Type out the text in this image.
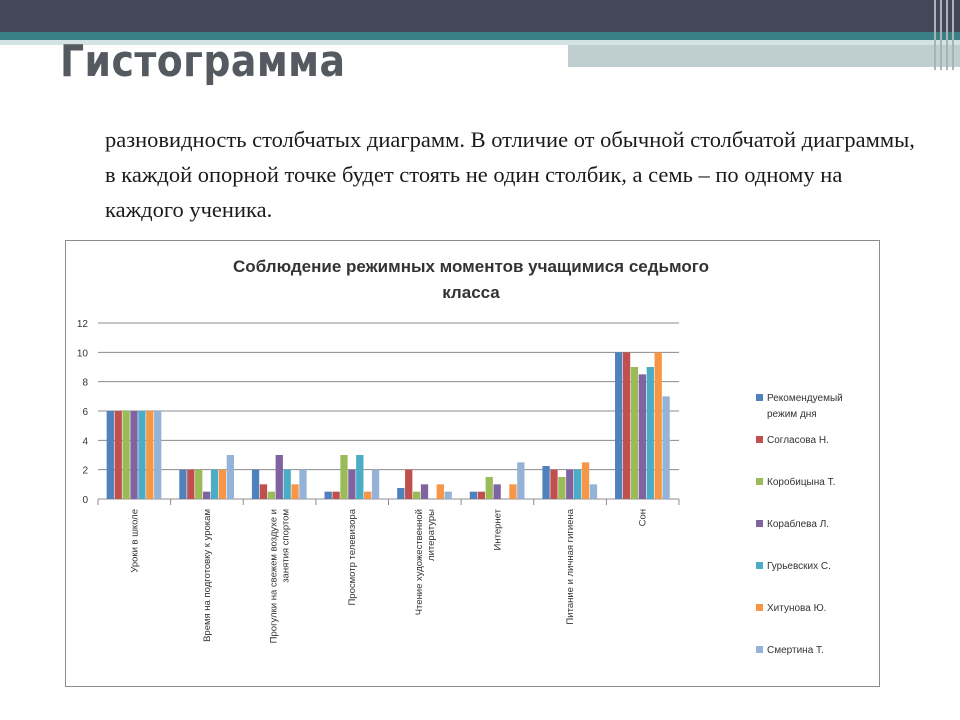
Гистограмма
разновидность столбчатых диаграмм. В отличие от обычной столбчатой диаграммы, в каждой опорной точке будет стоять не один столбик, а семь – по одному на каждого ученика.
Соблюдение режимных моментов учащимися седьмого
класса
0
2
4
6
8
10
12
Уроки в школе	Время на подготовку к урокам	Прогулки на свежем воздухе и занятия спортом	Просмотр телевизора	Чтение художественной литературы	Интернет	Питание и личная гигиена	Сон
Рекомендуемый
режим дня
Согласова Н.
Коробицына Т.
Кораблева Л.
Гурьевских С.
Хитунова Ю.
Смертина Т.
